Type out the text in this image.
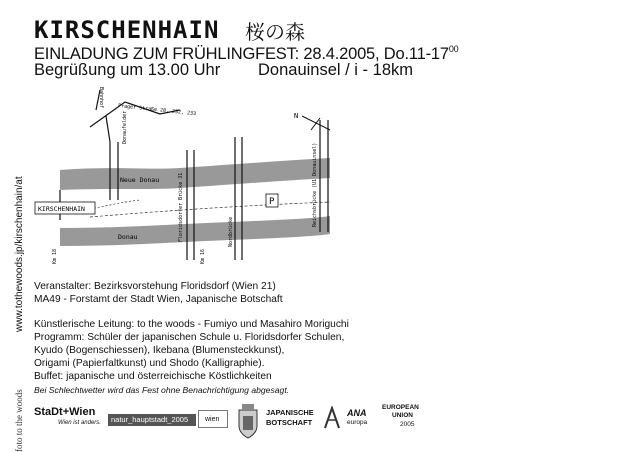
KIRSCHENHAIN 桜の森
EINLADUNG ZUM FRÜHLINGFEST: 28.4.2005, $Do.11-17^{00}$
Begrüßung um 13.00 Uhr Donauinsel / i - 18km
www.tothewoods.jp/kirschenhain/at
foto to the woods
KIRSCHENHAIN
P
Neue Donau
Donau
Prager Straße 28, 232, 233
Bahnhof
Donaufelder
Floridsdorfer Brücke 31	Nordbrücke
Reichsbrücke (U1 Donauinsel)
Km 18	Km 16
N
Veranstalter: Bezirksvorstehung Floridsdorf (Wien 21)
MA49 - Forstamt der Stadt Wien, Japanische Botschaft
Künstlerische Leitung: to the woods - Fumiyo und Masahiro Moriguchi
Programm: Schüler der japanischen Schule u. Floridsdorfer Schulen,
Kyudo (Bogenschiessen), Ikebana (Blumensteckkunst),
Origami (Papierfaltkunst) und Shodo (Kalligraphie).
Buffet: japanische und österreichische Köstlichkeiten
Bei Schlechtwetter wird das Fest ohne Benachrichtigung abgesagt.
StaDt+Wien
Wien ist anders. natur_hauptstadt_2005 wien
JAPANISCHE
BOTSCHAFT
ANA
europa
EUROPEAN
UNION
2005
